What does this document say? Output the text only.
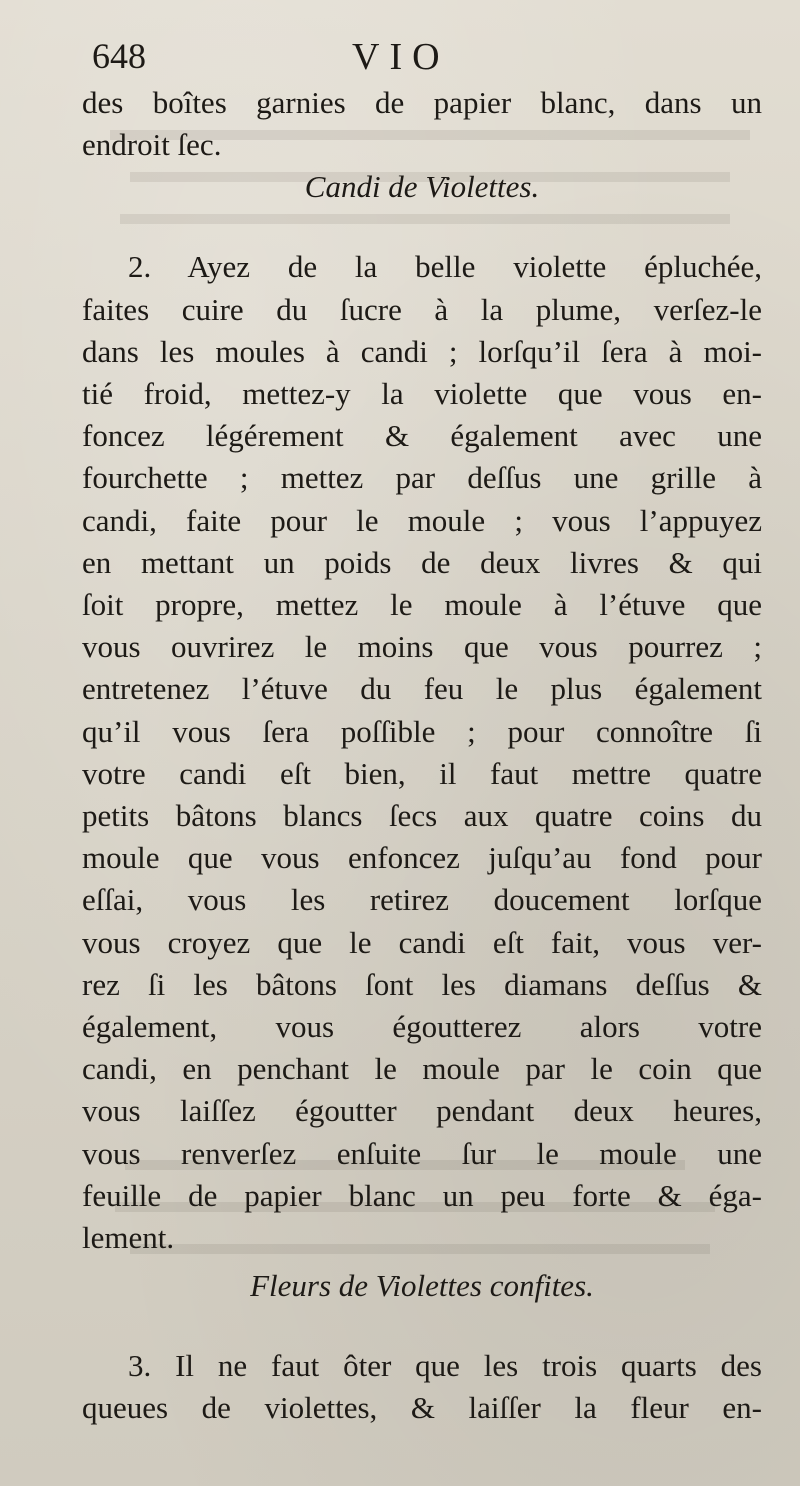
648	VIO
des boîtes garnies de papier blanc, dans un
endroit ſec.
Candi de Violettes.
2. Ayez de la belle violette épluchée,
faites cuire du ſucre à la plume, verſez-le
dans les moules à candi ; lorſqu’il ſera à moi-
tié froid, mettez-y la violette que vous en-
foncez légérement & également avec une
fourchette ; mettez par deſſus une grille à
candi, faite pour le moule ; vous l’appuyez
en mettant un poids de deux livres & qui
ſoit propre, mettez le moule à l’étuve que
vous ouvrirez le moins que vous pourrez ;
entretenez l’étuve du feu le plus également
qu’il vous ſera poſſible ; pour connoître ſi
votre candi eſt bien, il faut mettre quatre
petits bâtons blancs ſecs aux quatre coins du
moule que vous enfoncez juſqu’au fond pour
eſſai, vous les retirez doucement lorſque
vous croyez que le candi eſt fait, vous ver-
rez ſi les bâtons ſont les diamans deſſus &
également, vous égoutterez alors votre
candi, en penchant le moule par le coin que
vous laiſſez égoutter pendant deux heures,
vous renverſez enſuite ſur le moule une
feuille de papier blanc un peu forte & éga-
lement.
Fleurs de Violettes confites.
3. Il ne faut ôter que les trois quarts des
queues de violettes, & laiſſer la fleur en-
